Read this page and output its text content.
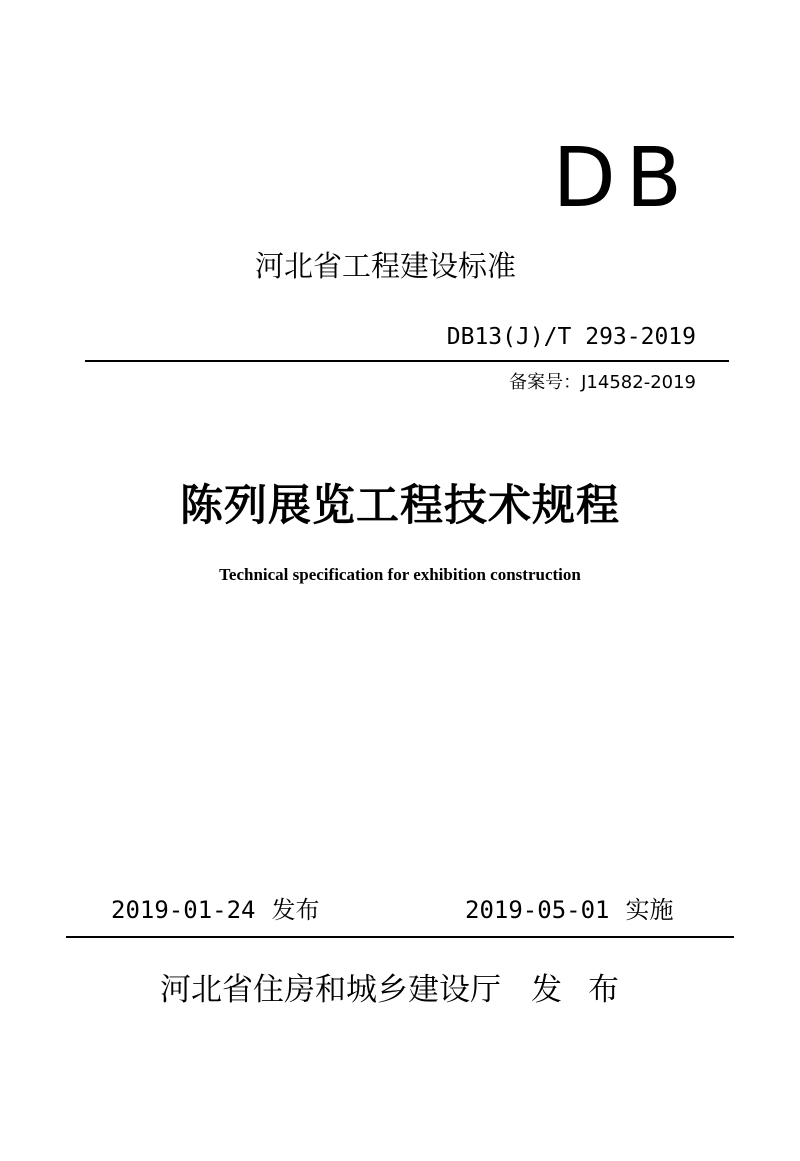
DB
河北省工程建设标准
DB13(J)/T 293-2019
备案号：J14582-2019
陈列展览工程技术规程
Technical specification for exhibition construction
2019-01-24 发布	2019-05-01 实施
河北省住房和城乡建设厅 发 布
